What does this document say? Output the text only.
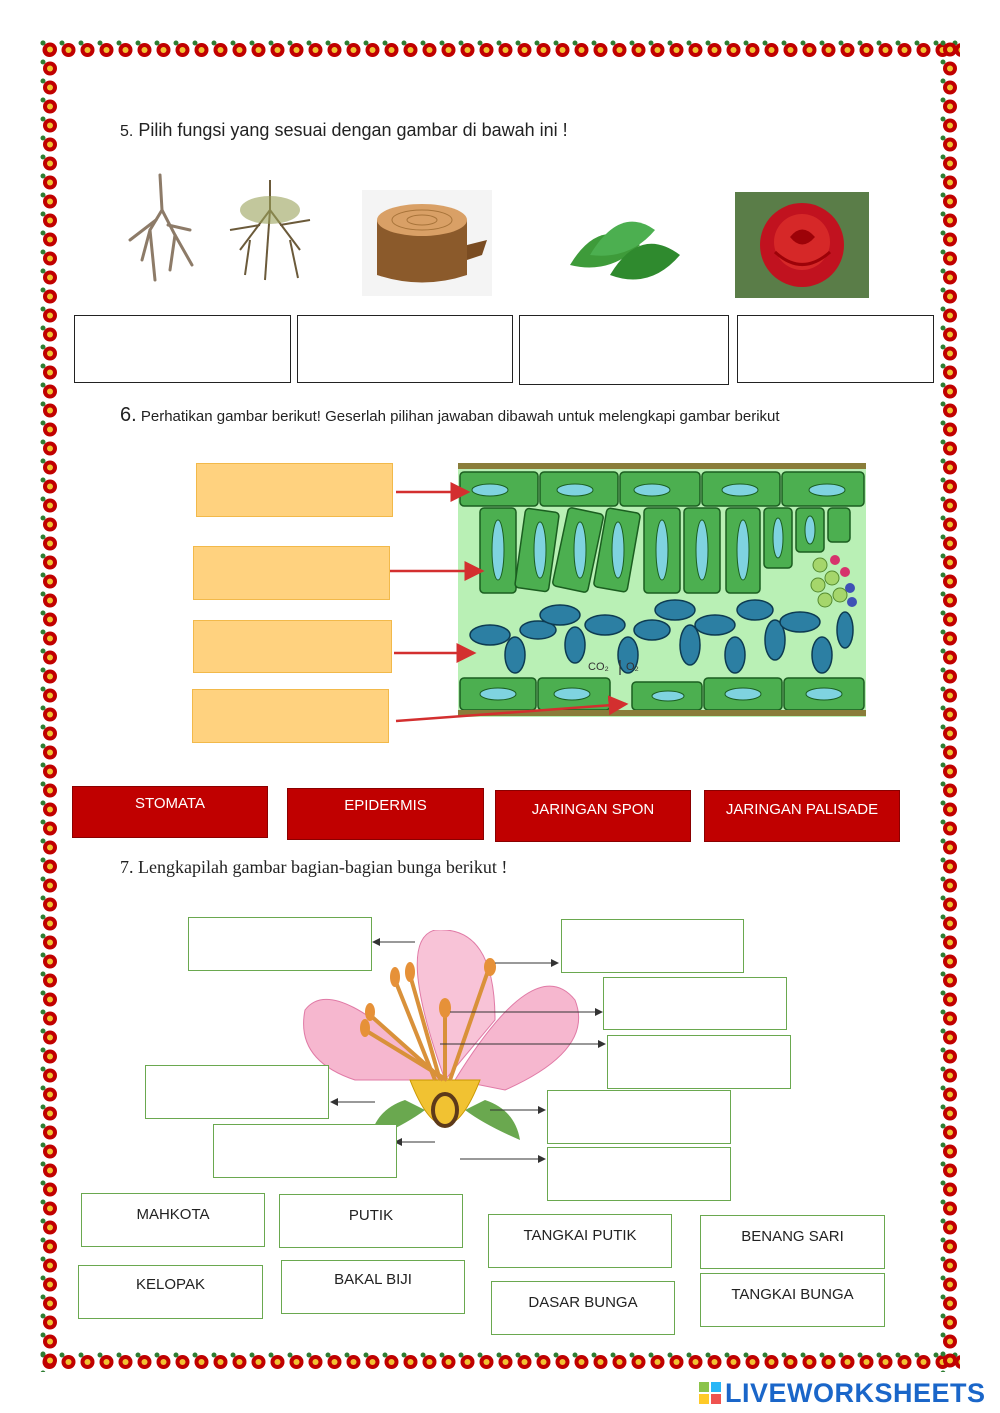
5. Pilih fungsi yang sesuai dengan gambar di bawah ini !
6. Perhatikan gambar berikut! Geserlah pilihan jawaban dibawah untuk melengkapi gambar berikut
CO₂ O₂
STOMATA	EPIDERMIS	JARINGAN SPON	JARINGAN PALISADE
7. Lengkapilah gambar bagian-bagian bunga berikut !
MAHKOTA	PUTIK
TANGKAI PUTIK	BENANG SARI
KELOPAK	BAKAL BIJI
DASAR BUNGA	TANGKAI BUNGA
LIVEWORKSHEETS
